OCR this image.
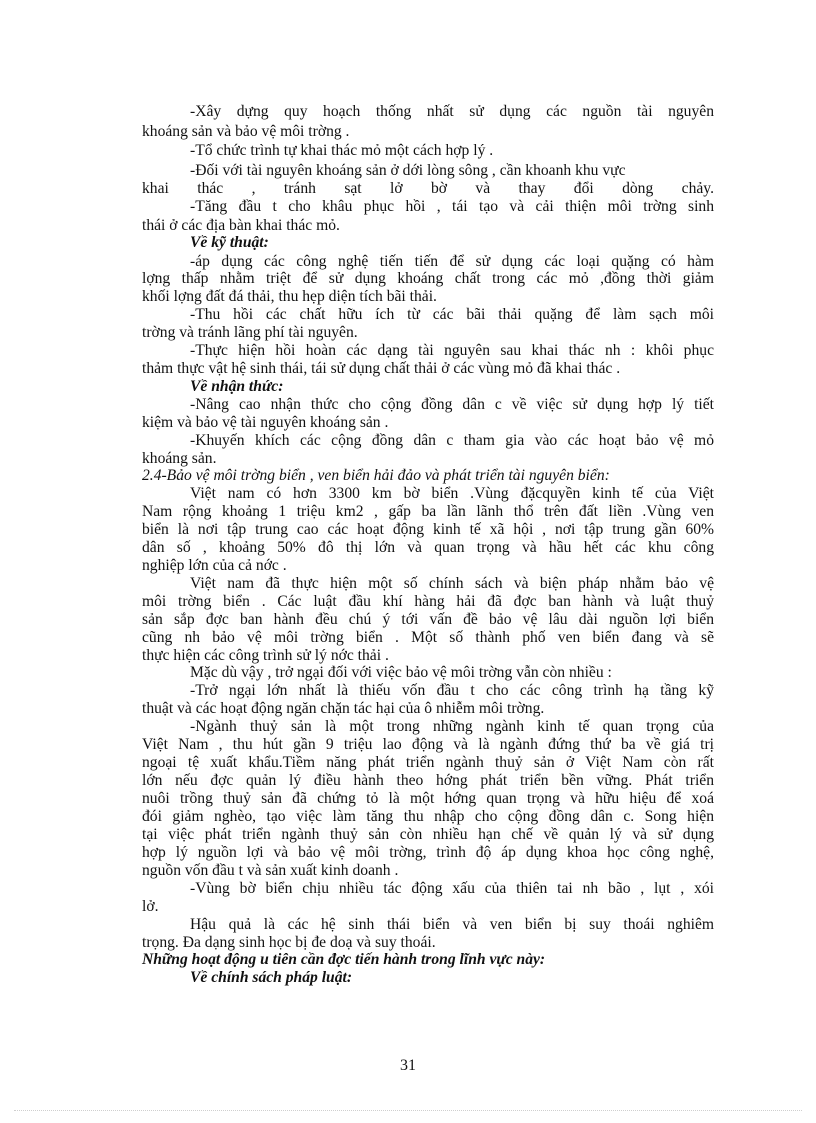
-Xây dựng quy hoạch thống nhất sử dụng các nguồn tài nguyên
khoáng sản và bảo vệ môi trờng .
-Tổ chức trình tự khai thác mỏ một cách hợp lý .
-Đối với tài nguyên khoáng sản ở dới lòng sông , cần khoanh khu vực
khai thác , tránh sạt lở bờ và thay đổi dòng chảy.
-Tăng đầu t cho khâu phục hồi , tái tạo và cải thiện môi trờng sinh
thái ở các địa bàn khai thác mỏ.
Về kỹ thuật:
-áp dụng các công nghệ tiến tiến để sử dụng các loại quặng có hàm
lợng thấp nhằm triệt để sử dụng khoáng chất trong các mỏ ,đồng thời giảm
khối lợng đất đá thải, thu hẹp diện tích bãi thải.
-Thu hồi các chất hữu ích từ các bãi thải quặng để làm sạch môi
trờng và tránh lãng phí tài nguyên.
-Thực hiện hồi hoàn các dạng tài nguyên sau khai thác nh : khôi phục
thảm thực vật hệ sinh thái, tái sử dụng chất thải ở các vùng mỏ đã khai thác .
Về nhận thức:
-Nâng cao nhận thức cho cộng đồng dân c về việc sử dụng hợp lý tiết
kiệm và bảo vệ tài nguyên khoáng sản .
-Khuyến khích các cộng đồng dân c tham gia vào các hoạt bảo vệ mỏ
khoáng sản.
2.4-Bảo vệ môi trờng biển , ven biển hải đảo và phát triển tài nguyên biển:
Việt nam có hơn 3300 km bờ biển .Vùng đặcquyền kinh tế của Việt
Nam rộng khoảng 1 triệu km2 , gấp ba lần lãnh thổ trên đất liền .Vùng ven
biển là nơi tập trung cao các hoạt động kinh tế xã hội , nơi tập trung gần 60%
dân số , khoảng 50% đô thị lớn và quan trọng và hầu hết các khu công
nghiệp lớn của cả nớc .
Việt nam đã thực hiện một số chính sách và biện pháp nhằm bảo vệ
môi trờng biển . Các luật đầu khí hàng hải đã đợc ban hành và luật thuỷ
sản sắp đợc ban hành đều chú ý tới vấn đề bảo vệ lâu dài nguồn lợi biển
cũng nh bảo vệ môi trờng biển . Một số thành phố ven biển đang và sẽ
thực hiện các công trình sử lý nớc thải .
Mặc dù vậy , trở ngại đối với việc bảo vệ môi trờng vẫn còn nhiều :
-Trở ngại lớn nhất là thiếu vốn đầu t cho các công trình hạ tầng kỹ
thuật và các hoạt động ngăn chặn tác hại của ô nhiễm môi trờng.
-Ngành thuỷ sản là một trong những ngành kinh tế quan trọng của
Việt Nam , thu hút gần 9 triệu lao động và là ngành đứng thứ ba về giá trị
ngoại tệ xuất khẩu.Tiềm năng phát triển ngành thuỷ sản ở Việt Nam còn rất
lớn nếu đợc quản lý điều hành theo hớng phát triển bền vững. Phát triển
nuôi trồng thuỷ sản đã chứng tỏ là một hớng quan trọng và hữu hiệu để xoá
đói giảm nghèo, tạo việc làm tăng thu nhập cho cộng đồng dân c. Song hiện
tại việc phát triển ngành thuỷ sản còn nhiều hạn chế về quản lý và sử dụng
hợp lý nguồn lợi và bảo vệ môi trờng, trình độ áp dụng khoa học công nghệ,
nguồn vốn đầu t và sản xuất kinh doanh .
-Vùng bờ biển chịu nhiều tác động xấu của thiên tai nh bão , lụt , xói
lở.
Hậu quả là các hệ sinh thái biển và ven biển bị suy thoái nghiêm
trọng. Đa dạng sinh học bị đe doạ và suy thoái.
Những hoạt động u tiên cần đợc tiến hành trong lĩnh vực này:
Về chính sách pháp luật:
31
